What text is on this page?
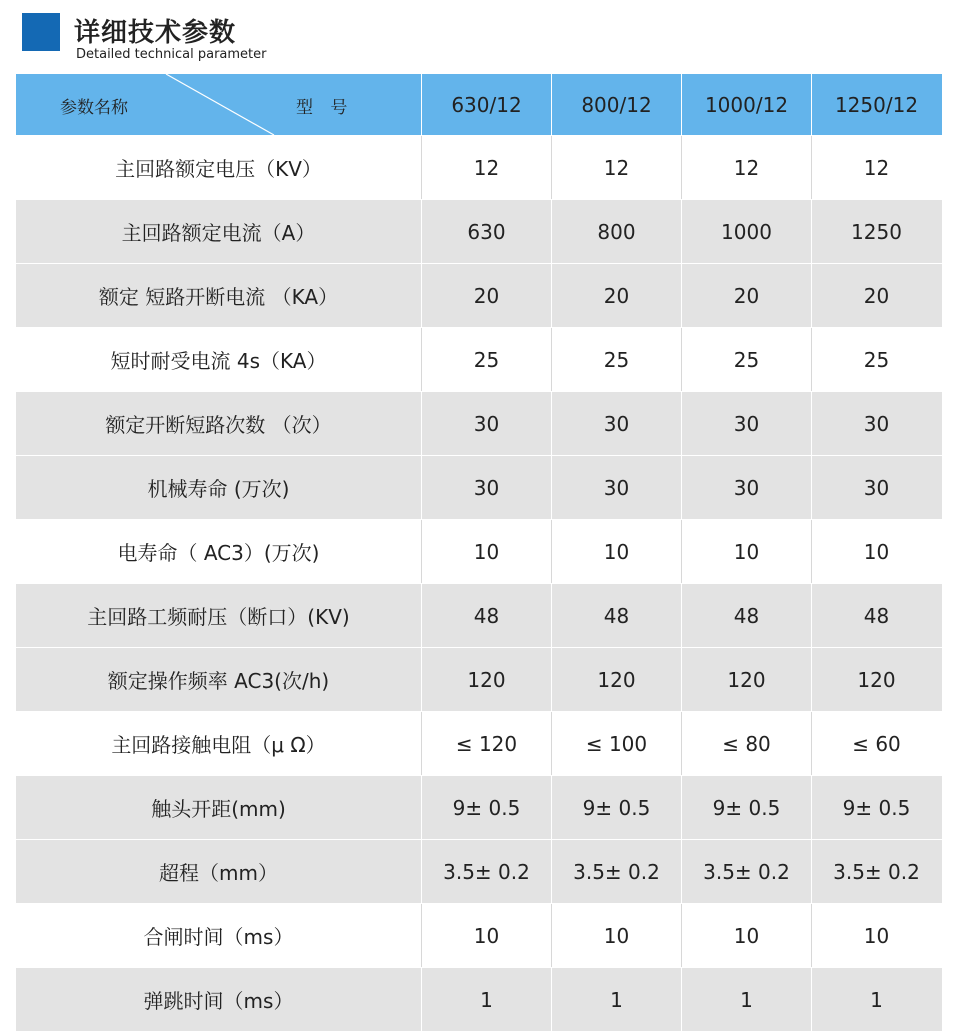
详细技术参数
Detailed technical parameter
参数名称	型 号	630/12	800/12	1000/12	1250/12
主回路额定电压（KV）	12	12	12	12
主回路额定电流（A）	630	800	1000	1250
额定 短路开断电流 （KA）	20	20	20	20
短时耐受电流 4s（KA）	25	25	25	25
额定开断短路次数 （次）	30	30	30	30
机械寿命 (万次)	30	30	30	30
电寿命（ AC3）(万次)	10	10	10	10
主回路工频耐压（断口）(KV)	48	48	48	48
额定操作频率 AC3(次/h)	120	120	120	120
主回路接触电阻（μ Ω）	≤ 120	≤ 100	≤ 80	≤ 60
触头开距(mm)	9± 0.5	9± 0.5	9± 0.5	9± 0.5
超程（mm）	3.5± 0.2	3.5± 0.2	3.5± 0.2	3.5± 0.2
合闸时间（ms）	10	10	10	10
弹跳时间（ms）	1	1	1	1
